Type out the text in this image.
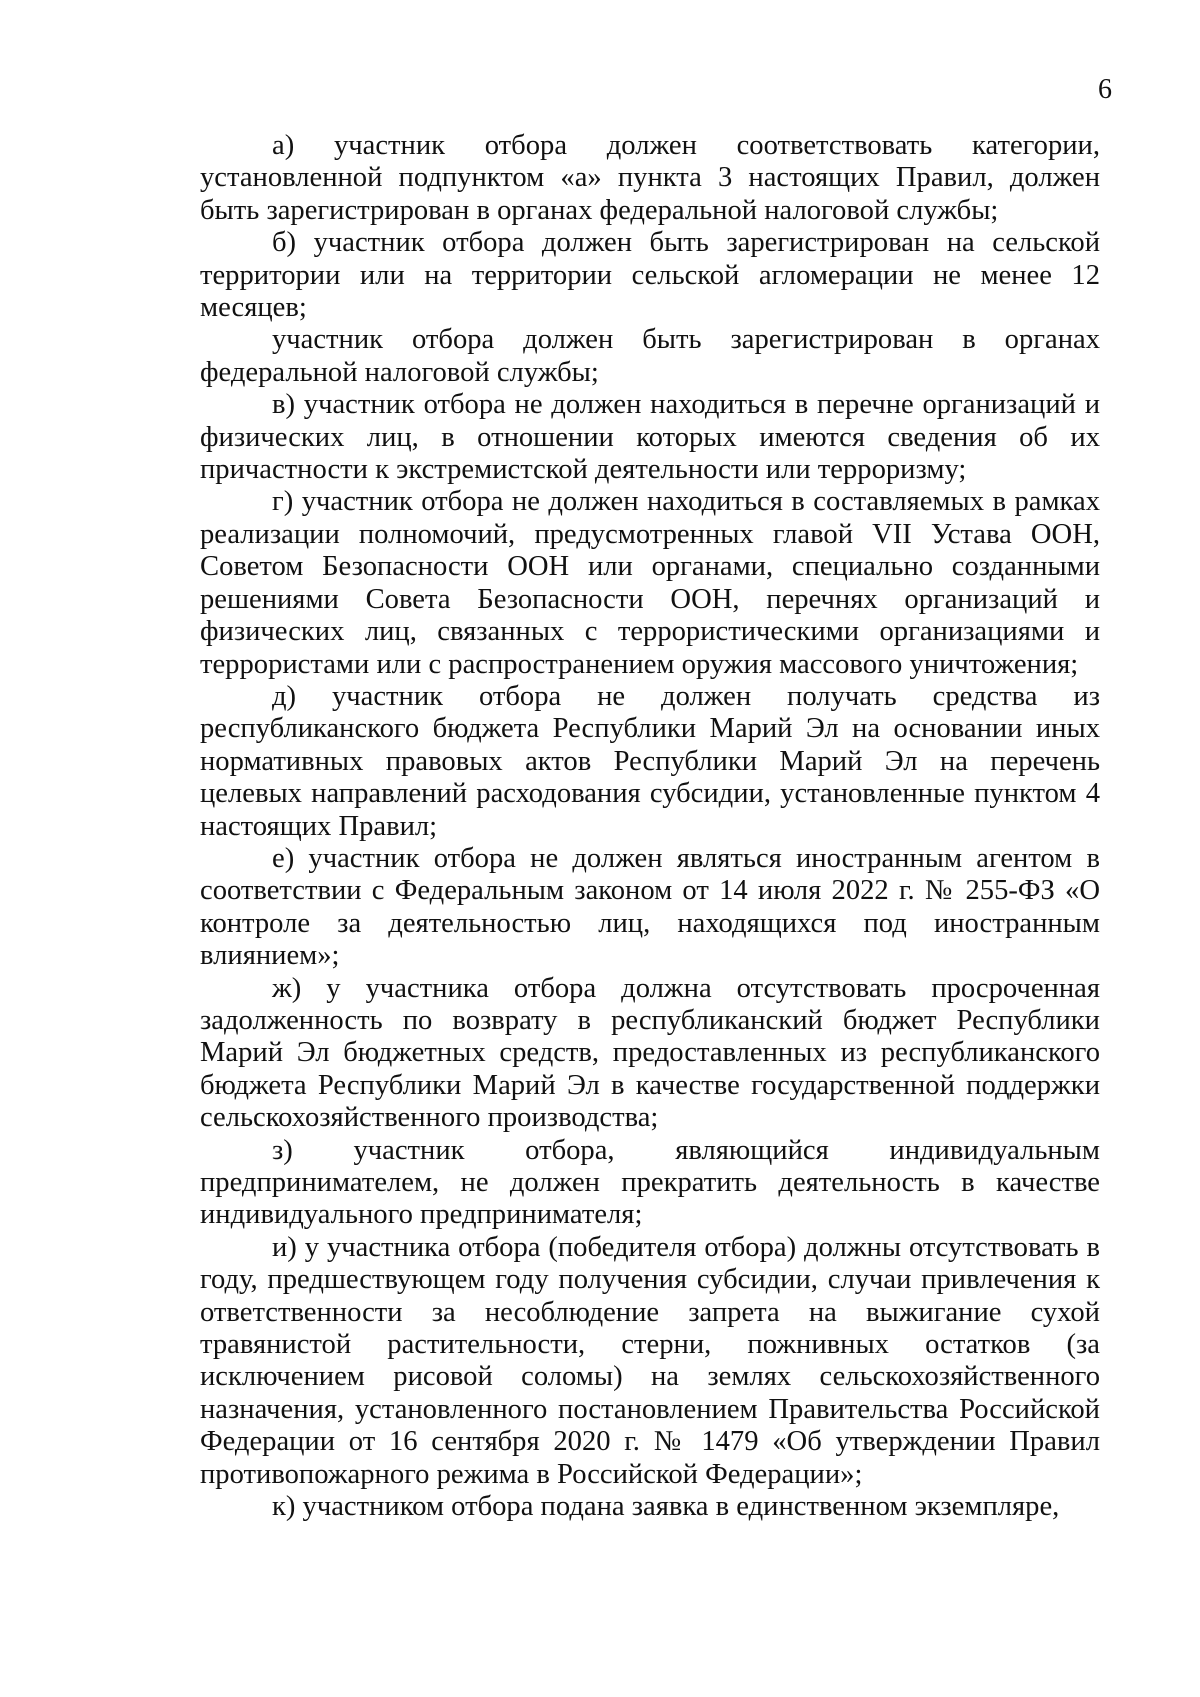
6

а) участник отбора должен соответствовать категории, установленной подпунктом «а» пункта 3 настоящих Правил, должен быть зарегистрирован в органах федеральной налоговой службы;

б) участник отбора должен быть зарегистрирован на сельской территории или на территории сельской агломерации не менее 12 месяцев;

участник отбора должен быть зарегистрирован в органах федеральной налоговой службы;

в) участник отбора не должен находиться в перечне организаций и физических лиц, в отношении которых имеются сведения об их причастности к экстремистской деятельности или терроризму;

г) участник отбора не должен находиться в составляемых в рамках реализации полномочий, предусмотренных главой VII Устава ООН, Советом Безопасности ООН или органами, специально созданными решениями Совета Безопасности ООН, перечнях организаций и физических лиц, связанных с террористическими организациями и террористами или с распространением оружия массового уничтожения;

д) участник отбора не должен получать средства из республиканского бюджета Республики Марий Эл на основании иных нормативных правовых актов Республики Марий Эл на перечень целевых направлений расходования субсидии, установленные пунктом 4 настоящих Правил;

е) участник отбора не должен являться иностранным агентом в соответствии с Федеральным законом от 14 июля 2022 г. № 255-ФЗ «О контроле за деятельностью лиц, находящихся под иностранным влиянием»;

ж) у участника отбора должна отсутствовать просроченная задолженность по возврату в республиканский бюджет Республики Марий Эл бюджетных средств, предоставленных из республиканского бюджета Республики Марий Эл в качестве государственной поддержки сельскохозяйственного производства;

з) участник отбора, являющийся индивидуальным предпринимателем, не должен прекратить деятельность в качестве индивидуального предпринимателя;

и) у участника отбора (победителя отбора) должны отсутствовать в году, предшествующем году получения субсидии, случаи привлечения к ответственности за несоблюдение запрета на выжигание сухой травянистой растительности, стерни, пожнивных остатков (за исключением рисовой соломы) на землях сельскохозяйственного назначения, установленного постановлением Правительства Российской Федерации от 16 сентября 2020 г. № 1479 «Об утверждении Правил противопожарного режима в Российской Федерации»;

к) участником отбора подана заявка в единственном экземпляре,
